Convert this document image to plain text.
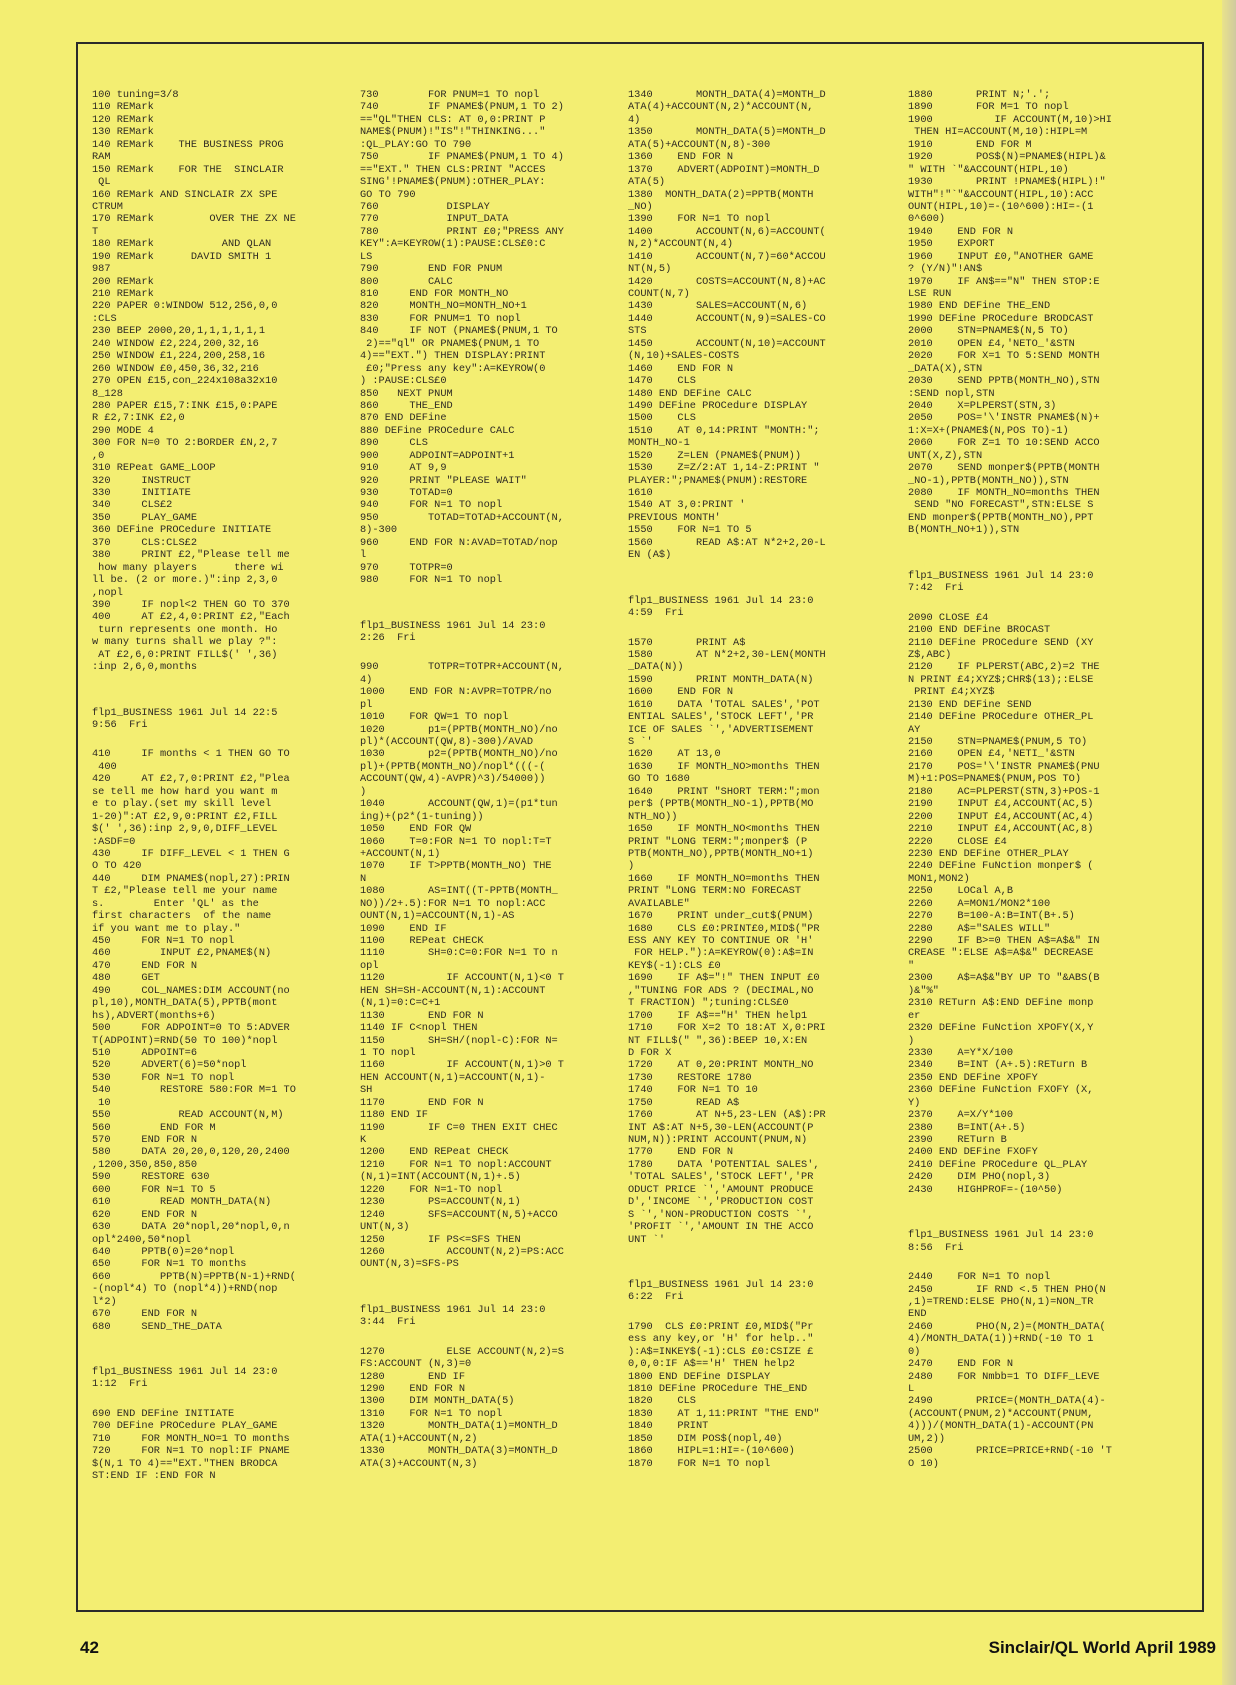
100 tuning=3/8
110 REMark
120 REMark
130 REMark
140 REMark    THE BUSINESS PROG
RAM
150 REMark    FOR THE  SINCLAIR
QL
160 REMark AND SINCLAIR ZX SPE
CTRUM
170 REMark         OVER THE ZX NE
T
180 REMark           AND QLAN
190 REMark      DAVID SMITH 1
987
200 REMark
210 REMark
220 PAPER 0:WINDOW 512,256,0,0
:CLS
230 BEEP 2000,20,1,1,1,1,1,1
240 WINDOW £2,224,200,32,16
250 WINDOW £1,224,200,258,16
260 WINDOW £0,450,36,32,216
270 OPEN £15,con_224x108a32x10
8_128
280 PAPER £15,7:INK £15,0:PAPE
R £2,7:INK £2,0
290 MODE 4
300 FOR N=0 TO 2:BORDER £N,2,7
,0
310 REPeat GAME_LOOP
320     INSTRUCT
330     INITIATE
340     CLS£2
350     PLAY_GAME
360 DEFine PROCedure INITIATE
370     CLS:CLS£2
380     PRINT £2,"Please tell me
how many players      there wi
ll be. (2 or more.)":inp 2,3,0
,nopl
390     IF nopl<2 THEN GO TO 370
400     AT £2,4,0:PRINT £2,"Each
turn represents one month. Ho
w many turns shall we play ?":
AT £2,6,0:PRINT FILL$(' ',36)
:inp 2,6,0,months
flp1_BUSINESS 1961 Jul 14 22:5
9:56  Fri
410     IF months < 1 THEN GO TO
400
420     AT £2,7,0:PRINT £2,"Plea
se tell me how hard you want m
e to play.(set my skill level
1-20)":AT £2,9,0:PRINT £2,FILL
$(' ',36):inp 2,9,0,DIFF_LEVEL
:ASDF=0
430     IF DIFF_LEVEL < 1 THEN G
O TO 420
440     DIM PNAME$(nopl,27):PRIN
T £2,"Please tell me your name
s.        Enter 'QL' as the
first characters  of the name
if you want me to play."
450     FOR N=1 TO nopl
460        INPUT £2,PNAME$(N)
470     END FOR N
480     GET
490     COL_NAMES:DIM ACCOUNT(no
pl,10),MONTH_DATA(5),PPTB(mont
hs),ADVERT(months+6)
500     FOR ADPOINT=0 TO 5:ADVER
T(ADPOINT)=RND(50 TO 100)*nopl
510     ADPOINT=6
520     ADVERT(6)=50*nopl
530     FOR N=1 TO nopl
540        RESTORE 580:FOR M=1 TO
10
550           READ ACCOUNT(N,M)
560        END FOR M
570     END FOR N
580     DATA 20,20,0,120,20,2400
,1200,350,850,850
590     RESTORE 630
600     FOR N=1 TO 5
610        READ MONTH_DATA(N)
620     END FOR N
630     DATA 20*nopl,20*nopl,0,n
opl*2400,50*nopl
640     PPTB(0)=20*nopl
650     FOR N=1 TO months
660        PPTB(N)=PPTB(N-1)+RND(
-(nopl*4) TO (nopl*4))+RND(nop
l*2)
670     END FOR N
680     SEND_THE_DATA
flp1_BUSINESS 1961 Jul 14 23:0
1:12  Fri
690 END DEFine INITIATE
700 DEFine PROCedure PLAY_GAME
710     FOR MONTH_NO=1 TO months
720     FOR N=1 TO nopl:IF PNAME
$(N,1 TO 4)=="EXT."THEN BRODCA
ST:END IF :END FOR N
730        FOR PNUM=1 TO nopl
740        IF PNAME$(PNUM,1 TO 2)
=="QL"THEN CLS: AT 0,0:PRINT P
NAME$(PNUM)!"IS"!"THINKING..."
:QL_PLAY:GO TO 790
750        IF PNAME$(PNUM,1 TO 4)
=="EXT." THEN CLS:PRINT "ACCES
SING'!PNAME$(PNUM):OTHER_PLAY:
GO TO 790
760           DISPLAY
770           INPUT_DATA
780           PRINT £0;"PRESS ANY
KEY":A=KEYROW(1):PAUSE:CLS£0:C
LS
790        END FOR PNUM
800        CALC
810     END FOR MONTH_NO
820     MONTH_NO=MONTH_NO+1
830     FOR PNUM=1 TO nopl
840     IF NOT (PNAME$(PNUM,1 TO
2)=="ql" OR PNAME$(PNUM,1 TO
4)=="EXT.") THEN DISPLAY:PRINT
£0;"Press any key":A=KEYROW(0
) :PAUSE:CLS£0
850   NEXT PNUM
860     THE_END
870 END DEFine
880 DEFine PROCedure CALC
890     CLS
900     ADPOINT=ADPOINT+1
910     AT 9,9
920     PRINT "PLEASE WAIT"
930     TOTAD=0
940     FOR N=1 TO nopl
950        TOTAD=TOTAD+ACCOUNT(N,
8)-300
960     END FOR N:AVAD=TOTAD/nop
l
970     TOTPR=0
980     FOR N=1 TO nopl
flp1_BUSINESS 1961 Jul 14 23:0
2:26  Fri
990        TOTPR=TOTPR+ACCOUNT(N,
4)
1000    END FOR N:AVPR=TOTPR/no
pl
1010    FOR QW=1 TO nopl
1020       p1=(PPTB(MONTH_NO)/no
pl)*(ACCOUNT(QW,8)-300)/AVAD
1030       p2=(PPTB(MONTH_NO)/no
pl)+(PPTB(MONTH_NO)/nopl*(((-(
ACCOUNT(QW,4)-AVPR)^3)/54000))
)
1040       ACCOUNT(QW,1)=(p1*tun
ing)+(p2*(1-tuning))
1050    END FOR QW
1060    T=0:FOR N=1 TO nopl:T=T
+ACCOUNT(N,1)
1070    IF T>PPTB(MONTH_NO) THE
N
1080       AS=INT((T-PPTB(MONTH_
NO))/2+.5):FOR N=1 TO nopl:ACC
OUNT(N,1)=ACCOUNT(N,1)-AS
1090    END IF
1100    REPeat CHECK
1110       SH=0:C=0:FOR N=1 TO n
opl
1120          IF ACCOUNT(N,1)<0 T
HEN SH=SH-ACCOUNT(N,1):ACCOUNT
(N,1)=0:C=C+1
1130       END FOR N
1140 IF C<nopl THEN
1150       SH=SH/(nopl-C):FOR N=
1 TO nopl
1160          IF ACCOUNT(N,1)>0 T
HEN ACCOUNT(N,1)=ACCOUNT(N,1)-
SH
1170       END FOR N
1180 END IF
1190       IF C=0 THEN EXIT CHEC
K
1200    END REPeat CHECK
1210    FOR N=1 TO nopl:ACCOUNT
(N,1)=INT(ACCOUNT(N,1)+.5)
1220    FOR N=1-TO nopl
1230       PS=ACCOUNT(N,1)
1240       SFS=ACCOUNT(N,5)+ACCO
UNT(N,3)
1250       IF PS<=SFS THEN
1260          ACCOUNT(N,2)=PS:ACC
OUNT(N,3)=SFS-PS
flp1_BUSINESS 1961 Jul 14 23:0
3:44  Fri
1270          ELSE ACCOUNT(N,2)=S
FS:ACCOUNT (N,3)=0
1280       END IF
1290    END FOR N
1300    DIM MONTH_DATA(5)
1310    FOR N=1 TO nopl
1320       MONTH_DATA(1)=MONTH_D
ATA(1)+ACCOUNT(N,2)
1330       MONTH_DATA(3)=MONTH_D
ATA(3)+ACCOUNT(N,3)
1340       MONTH_DATA(4)=MONTH_D
ATA(4)+ACCOUNT(N,2)*ACCOUNT(N,
4)
1350       MONTH_DATA(5)=MONTH_D
ATA(5)+ACCOUNT(N,8)-300
1360    END FOR N
1370    ADVERT(ADPOINT)=MONTH_D
ATA(5)
1380  MONTH_DATA(2)=PPTB(MONTH
_NO)
1390    FOR N=1 TO nopl
1400       ACCOUNT(N,6)=ACCOUNT(
N,2)*ACCOUNT(N,4)
1410       ACCOUNT(N,7)=60*ACCOU
NT(N,5)
1420       COSTS=ACCOUNT(N,8)+AC
COUNT(N,7)
1430       SALES=ACCOUNT(N,6)
1440       ACCOUNT(N,9)=SALES-CO
STS
1450       ACCOUNT(N,10)=ACCOUNT
(N,10)+SALES-COSTS
1460    END FOR N
1470    CLS
1480 END DEFine CALC
1490 DEFine PROCedure DISPLAY
1500    CLS
1510    AT 0,14:PRINT "MONTH:";
MONTH_NO-1
1520    Z=LEN (PNAME$(PNUM))
1530    Z=Z/2:AT 1,14-Z:PRINT "
PLAYER:";PNAME$(PNUM):RESTORE
1610
1540 AT 3,0:PRINT '
PREVIOUS MONTH'
1550    FOR N=1 TO 5
1560       READ A$:AT N*2+2,20-L
EN (A$)
flp1_BUSINESS 1961 Jul 14 23:0
4:59  Fri
1570       PRINT A$
1580       AT N*2+2,30-LEN(MONTH
_DATA(N))
1590       PRINT MONTH_DATA(N)
1600    END FOR N
1610    DATA 'TOTAL SALES','POT
ENTIAL SALES','STOCK LEFT','PR
ICE OF SALES `','ADVERTISEMENT
S `'
1620    AT 13,0
1630    IF MONTH_NO>months THEN
GO TO 1680
1640    PRINT "SHORT TERM:";mon
per$ (PPTB(MONTH_NO-1),PPTB(MO
NTH_NO))
1650    IF MONTH_NO<months THEN
PRINT "LONG TERM:";monper$ (P
PTB(MONTH_NO),PPTB(MONTH_NO+1)
)
1660    IF MONTH_NO=months THEN
PRINT "LONG TERM:NO FORECAST
AVAILABLE"
1670    PRINT under_cut$(PNUM)
1680    CLS £0:PRINT£0,MID$("PR
ESS ANY KEY TO CONTINUE OR 'H'
FOR HELP."):A=KEYROW(0):A$=IN
KEY$(-1):CLS £0
1690    IF A$="!" THEN INPUT £0
,"TUNING FOR ADS ? (DECIMAL,NO
T FRACTION) ";tuning:CLS£0
1700    IF A$=="H' THEN help1
1710    FOR X=2 TO 18:AT X,0:PRI
NT FILL$(" ",36):BEEP 10,X:EN
D FOR X
1720    AT 0,20:PRINT MONTH_NO
1730    RESTORE 1780
1740    FOR N=1 TO 10
1750       READ A$
1760       AT N+5,23-LEN (A$):PR
INT A$:AT N+5,30-LEN(ACCOUNT(P
NUM,N)):PRINT ACCOUNT(PNUM,N)
1770    END FOR N
1780    DATA 'POTENTIAL SALES',
'TOTAL SALES','STOCK LEFT','PR
ODUCT PRICE `','AMOUNT PRODUCE
D','INCOME `','PRODUCTION COST
S `','NON-PRODUCTION COSTS `',
'PROFIT `','AMOUNT IN THE ACCO
UNT `'
flp1_BUSINESS 1961 Jul 14 23:0
6:22  Fri
1790  CLS £0:PRINT £0,MID$("Pr
ess any key,or 'H' for help.."
):A$=INKEY$(-1):CLS £0:CSIZE £
0,0,0:IF A$=='H' THEN help2
1800 END DEFine DISPLAY
1810 DEFine PROCedure THE_END
1820    CLS
1830    AT 1,11:PRINT "THE END"
1840    PRINT
1850    DIM POS$(nopl,40)
1860    HIPL=1:HI=-(10^600)
1870    FOR N=1 TO nopl
1880       PRINT N;'.';
1890       FOR M=1 TO nopl
1900          IF ACCOUNT(M,10)>HI
THEN HI=ACCOUNT(M,10):HIPL=M
1910       END FOR M
1920       POS$(N)=PNAME$(HIPL)&
" WITH `"&ACCOUNT(HIPL,10)
1930       PRINT !PNAME$(HIPL)!"
WITH"!"`"&ACCOUNT(HIPL,10):ACC
OUNT(HIPL,10)=-(10^600):HI=-(1
0^600)
1940    END FOR N
1950    EXPORT
1960    INPUT £0,"ANOTHER GAME
? (Y/N)"!AN$
1970    IF AN$=="N" THEN STOP:E
LSE RUN
1980 END DEFine THE_END
1990 DEFine PROCedure BRODCAST
2000    STN=PNAME$(N,5 TO)
2010    OPEN £4,'NETO_'&STN
2020    FOR X=1 TO 5:SEND MONTH
_DATA(X),STN
2030    SEND PPTB(MONTH_NO),STN
:SEND nopl,STN
2040    X=PLPERST(STN,3)
2050    POS='\'INSTR PNAME$(N)+
1:X=X+(PNAME$(N,POS TO)-1)
2060    FOR Z=1 TO 10:SEND ACCO
UNT(X,Z),STN
2070    SEND monper$(PPTB(MONTH
_NO-1),PPTB(MONTH_NO)),STN
2080    IF MONTH_NO=months THEN
SEND "NO FORECAST",STN:ELSE S
END monper$(PPTB(MONTH_NO),PPT
B(MONTH_NO+1)),STN
flp1_BUSINESS 1961 Jul 14 23:0
7:42  Fri
2090 CLOSE £4
2100 END DEFine BROCAST
2110 DEFine PROCedure SEND (XY
Z$,ABC)
2120    IF PLPERST(ABC,2)=2 THE
N PRINT £4;XYZ$;CHR$(13);:ELSE
PRINT £4;XYZ$
2130 END DEFine SEND
2140 DEFine PROCedure OTHER_PL
AY
2150    STN=PNAME$(PNUM,5 TO)
2160    OPEN £4,'NETI_'&STN
2170    POS='\'INSTR PNAME$(PNU
M)+1:POS=PNAME$(PNUM,POS TO)
2180    AC=PLPERST(STN,3)+POS-1
2190    INPUT £4,ACCOUNT(AC,5)
2200    INPUT £4,ACCOUNT(AC,4)
2210    INPUT £4,ACCOUNT(AC,8)
2220    CLOSE £4
2230 END DEFine OTHER_PLAY
2240 DEFine FuNction monper$ (
MON1,MON2)
2250    LOCal A,B
2260    A=MON1/MON2*100
2270    B=100-A:B=INT(B+.5)
2280    A$="SALES WILL"
2290    IF B>=0 THEN A$=A$&" IN
CREASE ":ELSE A$=A$&" DECREASE
"
2300    A$=A$&"BY UP TO "&ABS(B
)&"%"
2310 RETurn A$:END DEFine monp
er
2320 DEFine FuNction XPOFY(X,Y
)
2330    A=Y*X/100
2340    B=INT (A+.5):RETurn B
2350 END DEFine XPOFY
2360 DEFine FuNction FXOFY (X,
Y)
2370    A=X/Y*100
2380    B=INT(A+.5)
2390    RETurn B
2400 END DEFine FXOFY
2410 DEFine PROCedure QL_PLAY
2420    DIM PHO(nopl,3)
2430    HIGHPROF=-(10^50)
flp1_BUSINESS 1961 Jul 14 23:0
8:56  Fri
2440    FOR N=1 TO nopl
2450       IF RND <.5 THEN PHO(N
,1)=TREND:ELSE PHO(N,1)=NON_TR
END
2460       PHO(N,2)=(MONTH_DATA(
4)/MONTH_DATA(1))+RND(-10 TO 1
0)
2470    END FOR N
2480    FOR Nmbb=1 TO DIFF_LEVE
L
2490       PRICE=(MONTH_DATA(4)-
(ACCOUNT(PNUM,2)*ACCOUNT(PNUM,
4)))/(MONTH_DATA(1)-ACCOUNT(PN
UM,2))
2500       PRICE=PRICE+RND(-10 'T
O 10)
42	Sinclair/QL World April 1989
